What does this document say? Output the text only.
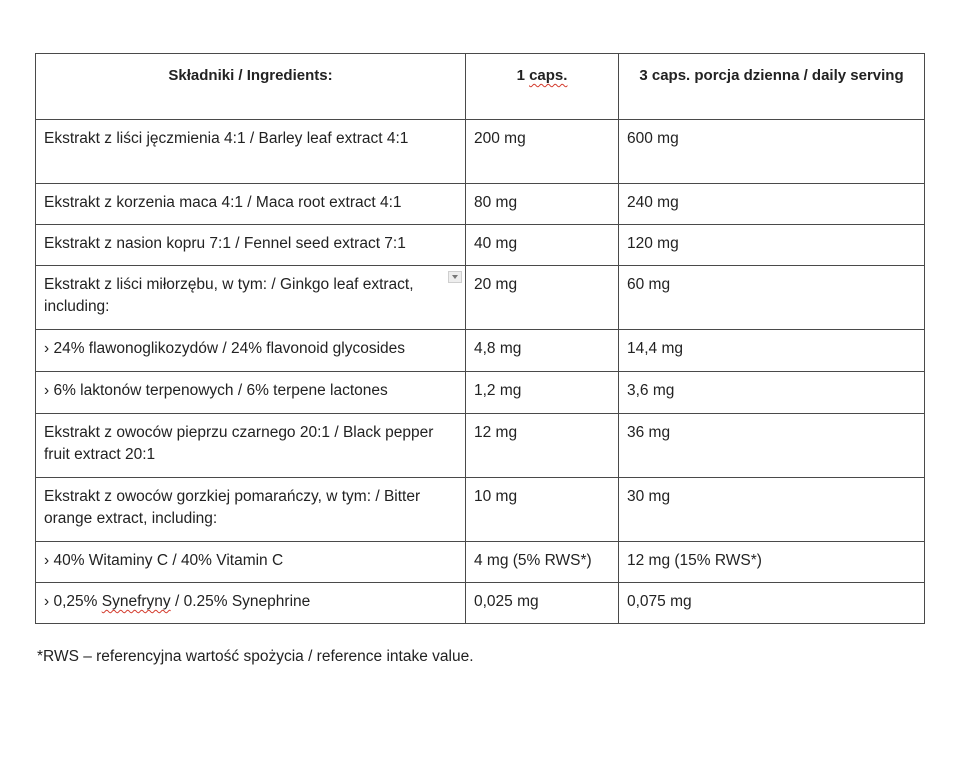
Składniki / Ingredients:	1 caps.	3 caps. porcja dzienna / daily serving
Ekstrakt z liści jęczmienia 4:1 / Barley leaf extract 4:1	200 mg	600 mg
Ekstrakt z korzenia maca 4:1 / Maca root extract 4:1	80 mg	240 mg
Ekstrakt z nasion kopru 7:1 / Fennel seed extract 7:1	40 mg	120 mg
Ekstrakt z liści miłorzębu, w tym: / Ginkgo leaf extract, including:	20 mg	60 mg
› 24% flawonoglikozydów / 24% flavonoid glycosides	4,8 mg	14,4 mg
› 6% laktonów terpenowych / 6% terpene lactones	1,2 mg	3,6 mg
Ekstrakt z owoców pieprzu czarnego 20:1 / Black pepper fruit extract 20:1	12 mg	36 mg
Ekstrakt z owoców gorzkiej pomarańczy, w tym: / Bitter orange extract, including:	10 mg	30 mg
› 40% Witaminy C / 40% Vitamin C	4 mg (5% RWS*)	12 mg (15% RWS*)
› 0,25% Synefryny / 0.25% Synephrine	0,025 mg	0,075 mg
*RWS – referencyjna wartość spożycia / reference intake value.
